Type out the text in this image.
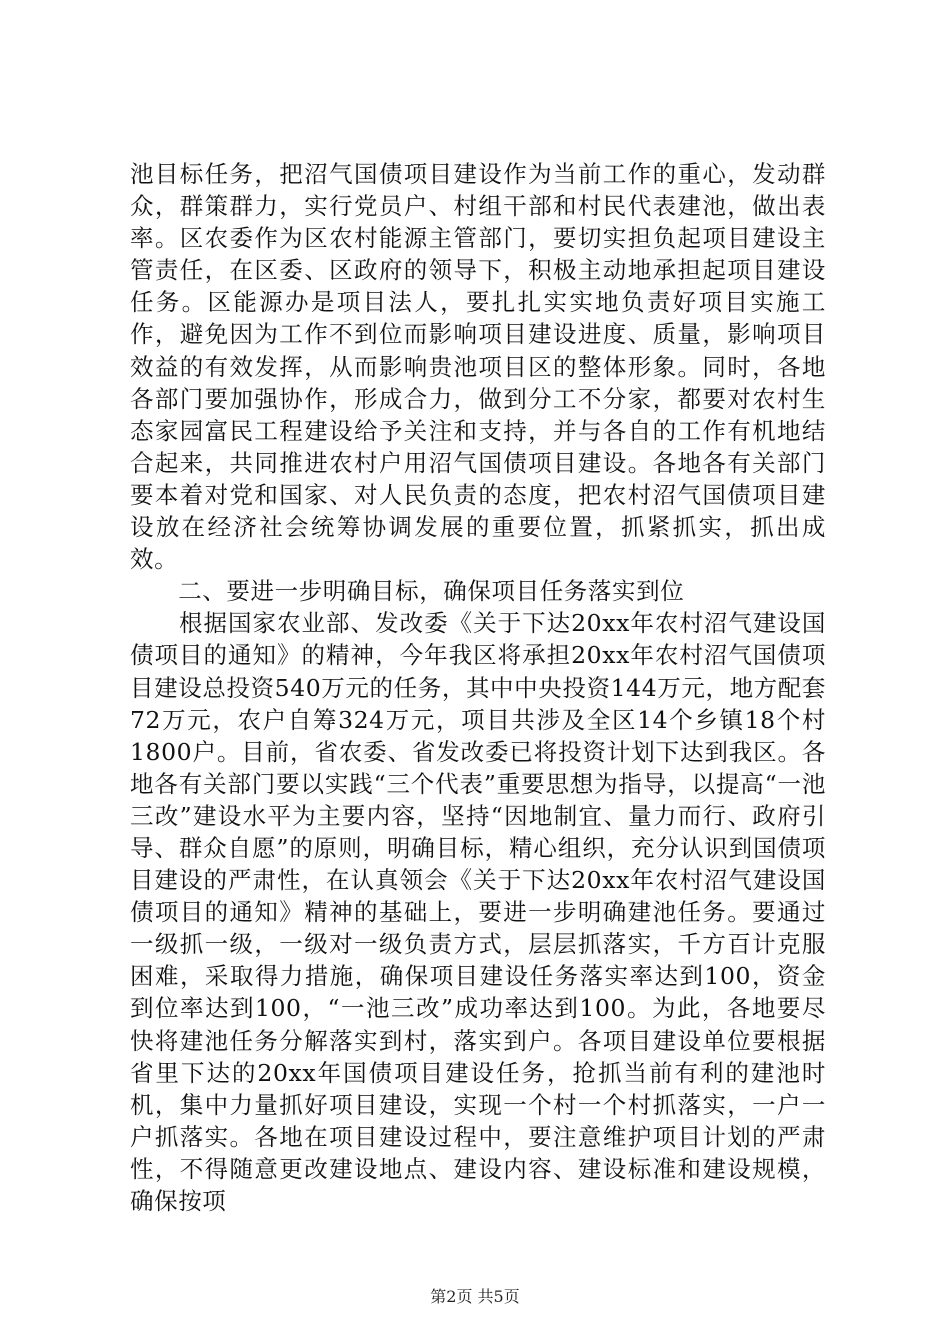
池目标任务，把沼气国债项目建设作为当前工作的重心，发动群众，群策群力，实行党员户、村组干部和村民代表建池，做出表率。区农委作为区农村能源主管部门，要切实担负起项目建设主管责任，在区委、区政府的领导下，积极主动地承担起项目建设任务。区能源办是项目法人，要扎扎实实地负责好项目实施工作，避免因为工作不到位而影响项目建设进度、质量，影响项目效益的有效发挥，从而影响贵池项目区的整体形象。同时，各地各部门要加强协作，形成合力，做到分工不分家，都要对农村生态家园富民工程建设给予关注和支持，并与各自的工作有机地结合起来，共同推进农村户用沼气国债项目建设。各地各有关部门要本着对党和国家、对人民负责的态度，把农村沼气国债项目建设放在经济社会统筹协调发展的重要位置，抓紧抓实，抓出成效。

　　二、要进一步明确目标，确保项目任务落实到位

　　根据国家农业部、发改委《关于下达20xx年农村沼气建设国债项目的通知》的精神，今年我区将承担20xx年农村沼气国债项目建设总投资540万元的任务，其中中央投资144万元，地方配套72万元，农户自筹324万元，项目共涉及全区14个乡镇18个村1800户。目前，省农委、省发改委已将投资计划下达到我区。各地各有关部门要以实践“三个代表”重要思想为指导，以提高“一池三改”建设水平为主要内容，坚持“因地制宜、量力而行、政府引导、群众自愿”的原则，明确目标，精心组织，充分认识到国债项目建设的严肃性，在认真领会《关于下达20xx年农村沼气建设国债项目的通知》精神的基础上，要进一步明确建池任务。要通过一级抓一级，一级对一级负责方式，层层抓落实，千方百计克服困难，采取得力措施，确保项目建设任务落实率达到100，资金到位率达到100，“一池三改”成功率达到100。为此，各地要尽快将建池任务分解落实到村，落实到户。各项目建设单位要根据省里下达的20xx年国债项目建设任务，抢抓当前有利的建池时机，集中力量抓好项目建设，实现一个村一个村抓落实，一户一户抓落实。各地在项目建设过程中，要注意维护项目计划的严肃性，不得随意更改建设地点、建设内容、建设标准和建设规模，确保按项

第2页 共5页
